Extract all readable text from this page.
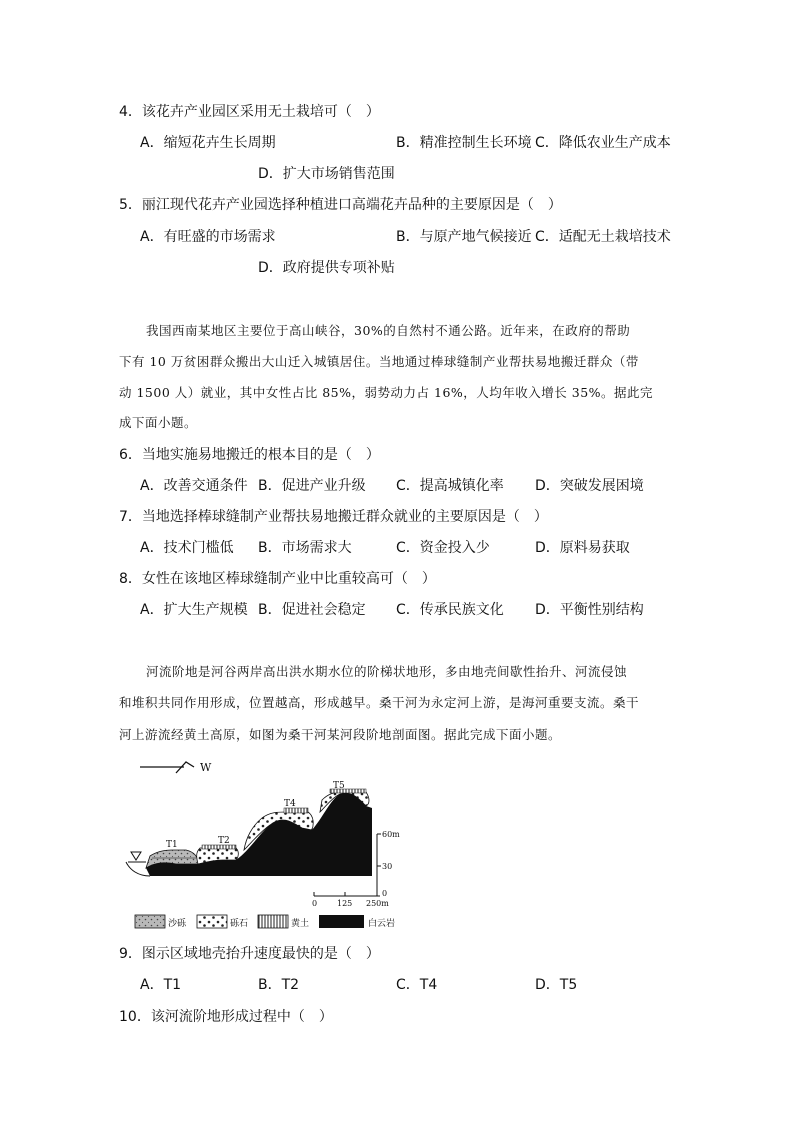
4．该花卉产业园区采用无土栽培可（　）
A．缩短花卉生长周期	B．精准控制生长环境 C．降低农业生产成本
D．扩大市场销售范围
5．丽江现代花卉产业园选择种植进口高端花卉品种的主要原因是（　）
A．有旺盛的市场需求	B．与原产地气候接近 C．适配无土栽培技术
D．政府提供专项补贴
我国西南某地区主要位于高山峡谷，30%的自然村不通公路。近年来，在政府的帮助
下有 10 万贫困群众搬出大山迁入城镇居住。当地通过棒球缝制产业帮扶易地搬迁群众（带
动 1500 人）就业，其中女性占比 85%，弱势动力占 16%，人均年收入增长 35%。据此完
成下面小题。
6．当地实施易地搬迁的根本目的是（　）
A．改善交通条件 B．促进产业升级 C．提高城镇化率 D．突破发展困境
7．当地选择棒球缝制产业帮扶易地搬迁群众就业的主要原因是（　）
A．技术门槛低 B．市场需求大	C．资金投入少	D．原料易获取
8．女性在该地区棒球缝制产业中比重较高可（　）
A．扩大生产规模 B．促进社会稳定 C．传承民族文化 D．平衡性别结构
河流阶地是河谷两岸高出洪水期水位的阶梯状地形，多由地壳间歇性抬升、河流侵蚀
和堆积共同作用形成，位置越高，形成越早。桑干河为永定河上游，是海河重要支流。桑干
河上游流经黄土高原，如图为桑干河某河段阶地剖面图。据此完成下面小题。
W
T1	T2
T4
T5
60m
30
0
0 125 250m
沙砾	砾石	黄土	白云岩
9．图示区域地壳抬升速度最快的是（　）
A．T1	B．T2	C．T4	D．T5
10．该河流阶地形成过程中（　）
